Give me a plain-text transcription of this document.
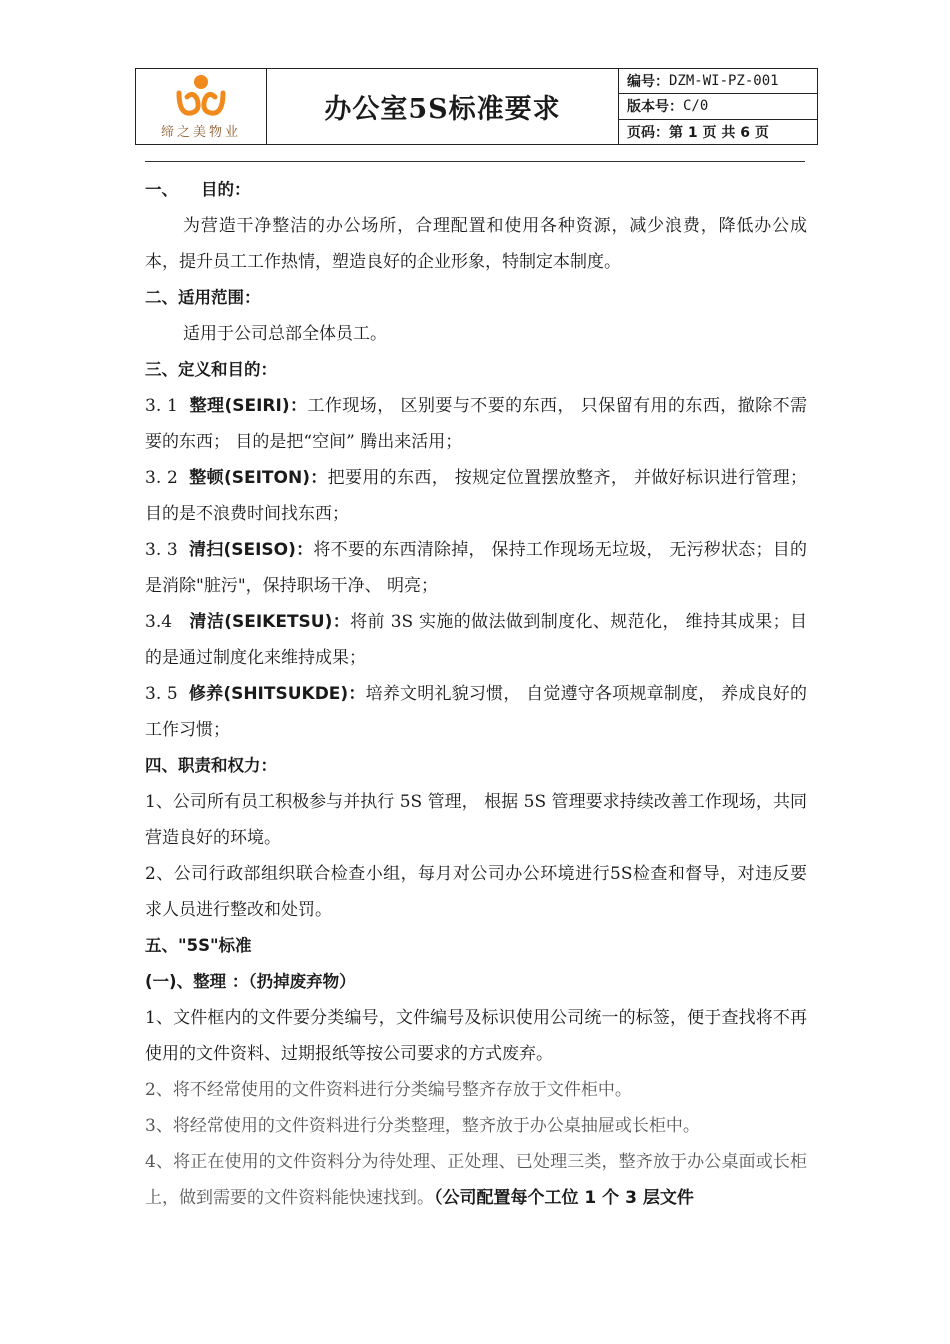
缔之美物业
办公室5S标准要求
编号： DZM-WI-PZ-001
版本号： C/0
页码： 第 1 页 共 6 页

一、    目的：

为营造干净整洁的办公场所，合理配置和使用各种资源，减少浪费，降低办公成本，提升员工工作热情，塑造良好的企业形象，特制定本制度。

二、适用范围：

适用于公司总部全体员工。

三、定义和目的：

3. 1  整理(SEIRI)：工作现场， 区别要与不要的东西， 只保留有用的东西，撤除不需要的东西； 目的是把“空间” 腾出来活用；

3. 2  整顿(SEITON)：把要用的东西， 按规定位置摆放整齐， 并做好标识进行管理；目的是不浪费时间找东西；

3. 3  清扫(SEISO)：将不要的东西清除掉， 保持工作现场无垃圾， 无污秽状态；目的是消除"脏污"，保持职场干净、 明亮；

3.4   清洁(SEIKETSU)：将前 3S 实施的做法做到制度化、规范化， 维持其成果；目的是通过制度化来维持成果；

3. 5  修养(SHITSUKDE)：培养文明礼貌习惯， 自觉遵守各项规章制度， 养成良好的工作习惯；

四、职责和权力：

1、公司所有员工积极参与并执行 5S 管理， 根据 5S 管理要求持续改善工作现场，共同营造良好的环境。

2、公司行政部组织联合检查小组，每月对公司办公环境进行5S检查和督导，对违反要求人员进行整改和处罚。

五、"5S"标准

(一)、整理 ：（扔掉废弃物）

1、文件框内的文件要分类编号，文件编号及标识使用公司统一的标签，便于查找将不再使用的文件资料、过期报纸等按公司要求的方式废弃。

2、将不经常使用的文件资料进行分类编号整齐存放于文件柜中。

3、将经常使用的文件资料进行分类整理，整齐放于办公桌抽屉或长柜中。

4、将正在使用的文件资料分为待处理、正处理、已处理三类，整齐放于办公桌面或长柜上，做到需要的文件资料能快速找到。（公司配置每个工位 1 个 3 层文件
